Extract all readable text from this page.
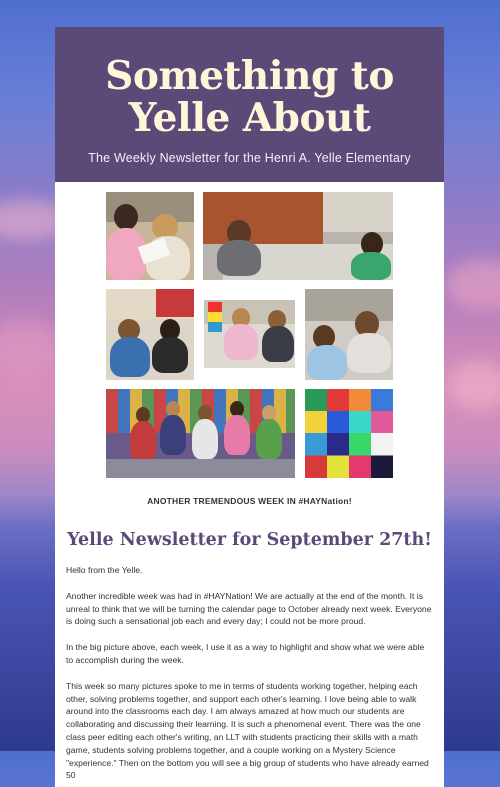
Something to
Yelle About
The Weekly Newsletter for the Henri A. Yelle Elementary
ANOTHER TREMENDOUS WEEK IN #HAYNation!
Yelle Newsletter for September 27th!

Hello from the Yelle.

Another incredible week was had in #HAYNation! We are actually at the end of the month. It is unreal to think that we will be turning the calendar page to October already next week. Everyone is doing such a sensational job each and every day; I could not be more proud.

In the big picture above, each week, I use it as a way to highlight and show what we were able to accomplish during the week.

This week so many pictures spoke to me in terms of students working together, helping each other, solving problems together, and support each other's learning. I love being able to walk around into the classrooms each day. I am always amazed at how much our students are collaborating and discussing their learning. It is such a phenomenal event. There was the one class peer editing each other's writing, an LLT with students practicing their skills with a math game, students solving problems together, and a couple working on a Mystery Science "experience." Then on the bottom you will see a big group of students who have already earned 50
